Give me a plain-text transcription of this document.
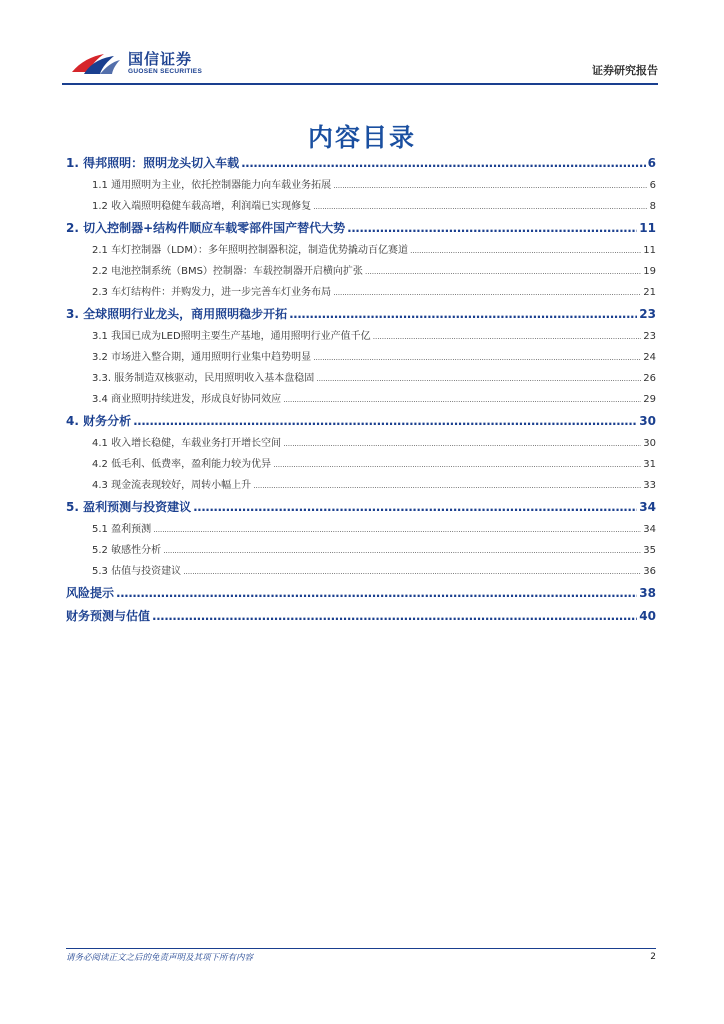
国信证券
GUOSEN SECURITIES	证券研究报告
内容目录
1. 得邦照明：照明龙头切入车载 .....	6
1.1 通用照明为主业，依托控制器能力向车载业务拓展 .....	6
1.2 收入端照明稳健车载高增，利润端已实现修复 .....	8
2. 切入控制器+结构件顺应车载零部件国产替代大势 .....	11
2.1 车灯控制器（LDM）：多年照明控制器积淀，制造优势撬动百亿赛道 .....	11
2.2 电池控制系统（BMS）控制器：车载控制器开启横向扩张 .....	19
2.3 车灯结构件：并购发力，进一步完善车灯业务布局 .....	21
3. 全球照明行业龙头，商用照明稳步开拓 .....	23
3.1 我国已成为LED照明主要生产基地，通用照明行业产值千亿 .....	23
3.2 市场进入整合期，通用照明行业集中趋势明显 .....	24
3.3. 服务制造双核驱动，民用照明收入基本盘稳固 .....	26
3.4 商业照明持续进发，形成良好协同效应 .....	29
4. 财务分析 .....	30
4.1 收入增长稳健，车载业务打开增长空间 .....	30
4.2 低毛利、低费率，盈利能力较为优异 .....	31
4.3 现金流表现较好，周转小幅上升 .....	33
5. 盈利预测与投资建议 .....	34
5.1 盈利预测 .....	34
5.2 敏感性分析 .....	35
5.3 估值与投资建议 .....	36
风险提示 .....	38
财务预测与估值 .....	40
请务必阅读正文之后的免责声明及其项下所有内容	2
